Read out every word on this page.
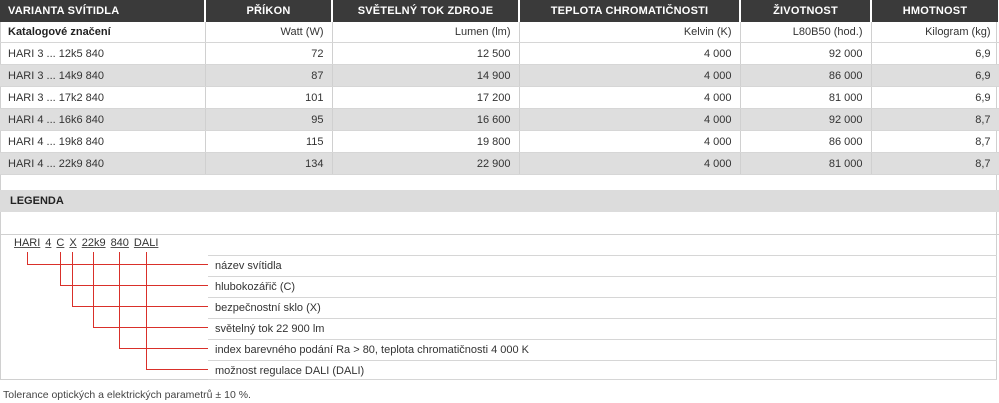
VARIANTA SVÍTIDLA	PŘÍKON	SVĚTELNÝ TOK ZDROJE	TEPLOTA CHROMATIČNOSTI	ŽIVOTNOST	HMOTNOST
Katalogové značení	Watt (W)	Lumen (lm)	Kelvin (K)	L80B50 (hod.)	Kilogram (kg)
HARI 3 ... 12k5 840	72	12 500	4 000	92 000	6,9
HARI 3 ... 14k9 840	87	14 900	4 000	86 000	6,9
HARI 3 ... 17k2 840	101	17 200	4 000	81 000	6,9
HARI 4 ... 16k6 840	95	16 600	4 000	92 000	8,7
HARI 4 ... 19k8 840	115	19 800	4 000	86 000	8,7
HARI 4 ... 22k9 840	134	22 900	4 000	81 000	8,7
LEGENDA
HARI 4 C X 22k9 840 DALI
název svítidla
hlubokozářič (C)
bezpečnostní sklo (X)
světelný tok 22 900 lm
index barevného podání Ra > 80, teplota chromatičnosti 4 000 K
možnost regulace DALI (DALI)
Tolerance optických a elektrických parametrů ± 10 %.
